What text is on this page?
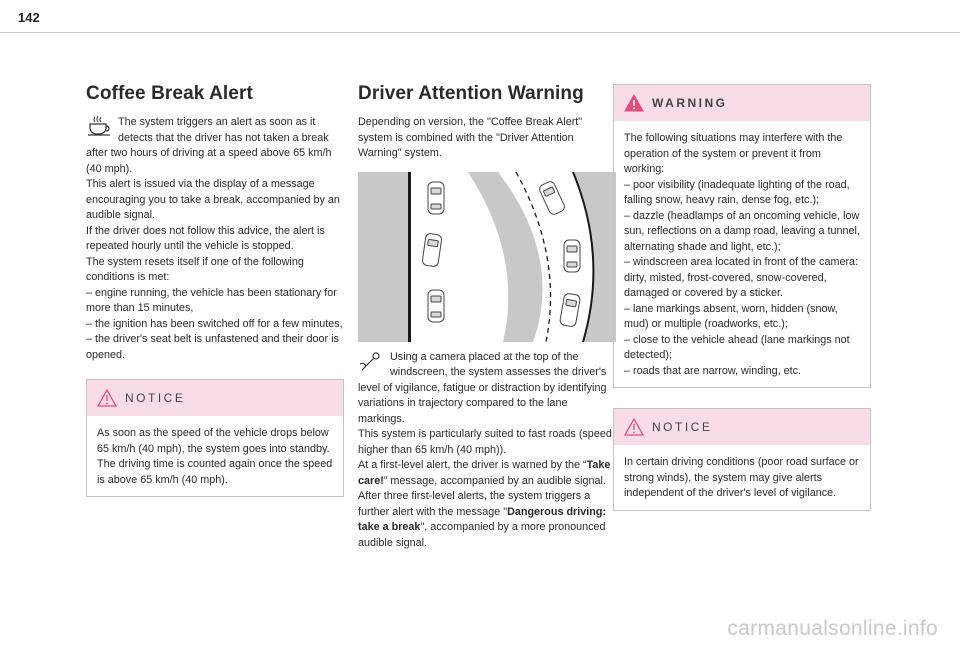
142
Coffee Break Alert

The system triggers an alert as soon as it detects that the driver has not taken a break after two hours of driving at a speed above 65 km/h (40 mph).

This alert is issued via the display of a message encouraging you to take a break, accompanied by an audible signal.

If the driver does not follow this advice, the alert is repeated hourly until the vehicle is stopped.

The system resets itself if one of the following conditions is met:

– engine running, the vehicle has been stationary for more than 15 minutes,

– the ignition has been switched off for a few minutes,

– the driver's seat belt is unfastened and their door is opened.

NOTICE

As soon as the speed of the vehicle drops below 65 km/h (40 mph), the system goes into standby.

The driving time is counted again once the speed is above 65 km/h (40 mph).

Driver Attention Warning

Depending on version, the "Coffee Break Alert" system is combined with the "Driver Attention Warning" system.

Using a camera placed at the top of the windscreen, the system assesses the driver's level of vigilance, fatigue or distraction by identifying variations in trajectory compared to the lane markings.

This system is particularly suited to fast roads (speed higher than 65 km/h (40 mph)).

At a first-level alert, the driver is warned by the “Take care!” message, accompanied by an audible signal.

After three first-level alerts, the system triggers a further alert with the message "Dangerous driving: take a break", accompanied by a more pronounced audible signal.

WARNING

The following situations may interfere with the operation of the system or prevent it from working:

– poor visibility (inadequate lighting of the road, falling snow, heavy rain, dense fog, etc.);

– dazzle (headlamps of an oncoming vehicle, low sun, reflections on a damp road, leaving a tunnel, alternating shade and light, etc.);

– windscreen area located in front of the camera: dirty, misted, frost-covered, snow-covered, damaged or covered by a sticker.

– lane markings absent, worn, hidden (snow, mud) or multiple (roadworks, etc.);

– close to the vehicle ahead (lane markings not detected);

– roads that are narrow, winding, etc.

NOTICE

In certain driving conditions (poor road surface or strong winds), the system may give alerts independent of the driver's level of vigilance.

carmanualsonline.info
